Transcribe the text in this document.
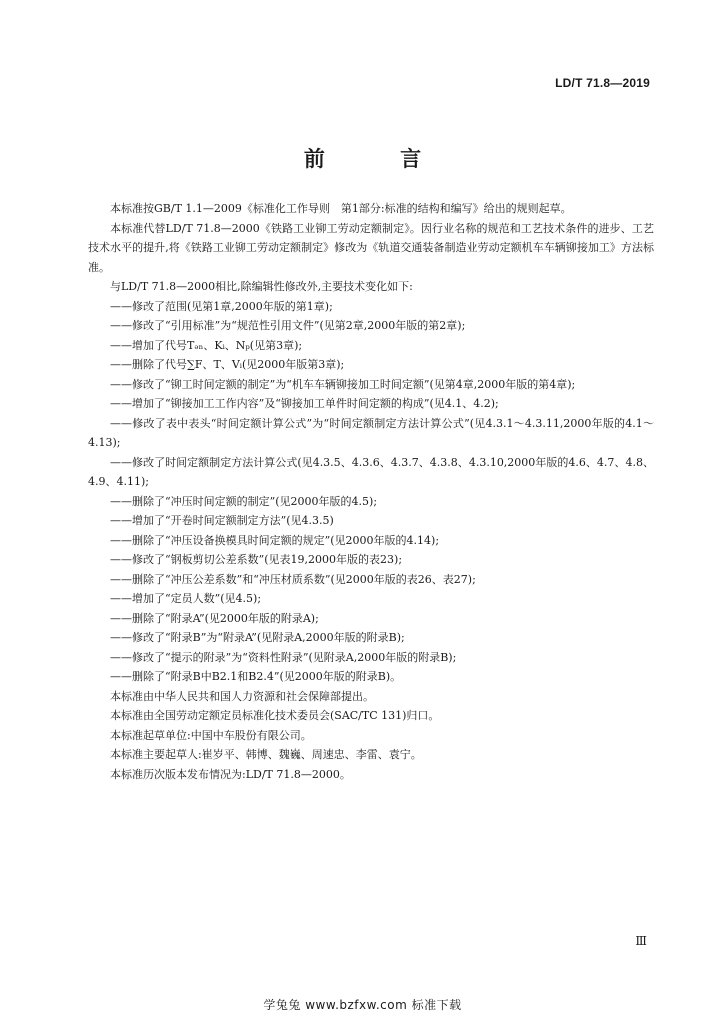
LD/T 71.8—2019
前 言

本标准按GB/T 1.1—2009《标准化工作导则　第1部分:标准的结构和编写》给出的规则起草。

本标准代替LD/T 71.8—2000《铁路工业铆工劳动定额制定》。因行业名称的规范和工艺技术条件的进步、工艺技术水平的提升,将《铁路工业铆工劳动定额制定》修改为《轨道交通装备制造业劳动定额机车车辆铆接加工》方法标准。

与LD/T 71.8—2000相比,除编辑性修改外,主要技术变化如下:

——修改了范围(见第1章,2000年版的第1章);

——修改了“引用标准”为“规范性引用文件”(见第2章,2000年版的第2章);

——增加了代号Tₔₙ、Kᵢ、Nₚ(见第3章);

——删除了代号∑F、T、Vᵢ(见2000年版第3章);

——修改了“铆工时间定额的制定”为“机车车辆铆接加工时间定额”(见第4章,2000年版的第4章);

——增加了“铆接加工工作内容”及“铆接加工单件时间定额的构成”(见4.1、4.2);

——修改了表中表头“时间定额计算公式”为“时间定额制定方法计算公式”(见4.3.1～4.3.11,2000年版的4.1～4.13);

——修改了时间定额制定方法计算公式(见4.3.5、4.3.6、4.3.7、4.3.8、4.3.10,2000年版的4.6、4.7、4.8、4.9、4.11);

——删除了“冲压时间定额的制定”(见2000年版的4.5);

——增加了“开卷时间定额制定方法”(见4.3.5)

——删除了“冲压设备换模具时间定额的规定”(见2000年版的4.14);

——修改了“钢板剪切公差系数”(见表19,2000年版的表23);

——删除了“冲压公差系数”和“冲压材质系数”(见2000年版的表26、表27);

——增加了“定员人数”(见4.5);

——删除了“附录A”(见2000年版的附录A);

——修改了“附录B”为“附录A”(见附录A,2000年版的附录B);

——修改了“提示的附录”为“资料性附录”(见附录A,2000年版的附录B);

——删除了“附录B中B2.1和B2.4”(见2000年版的附录B)。

本标准由中华人民共和国人力资源和社会保障部提出。

本标准由全国劳动定额定员标准化技术委员会(SAC/TC 131)归口。

本标准起草单位:中国中车股份有限公司。

本标准主要起草人:崔岁平、韩博、魏巍、周速忠、李雷、袁宁。

本标准历次版本发布情况为:LD/T 71.8—2000。

Ⅲ
学兔兔 www.bzfxw.com 标准下载
